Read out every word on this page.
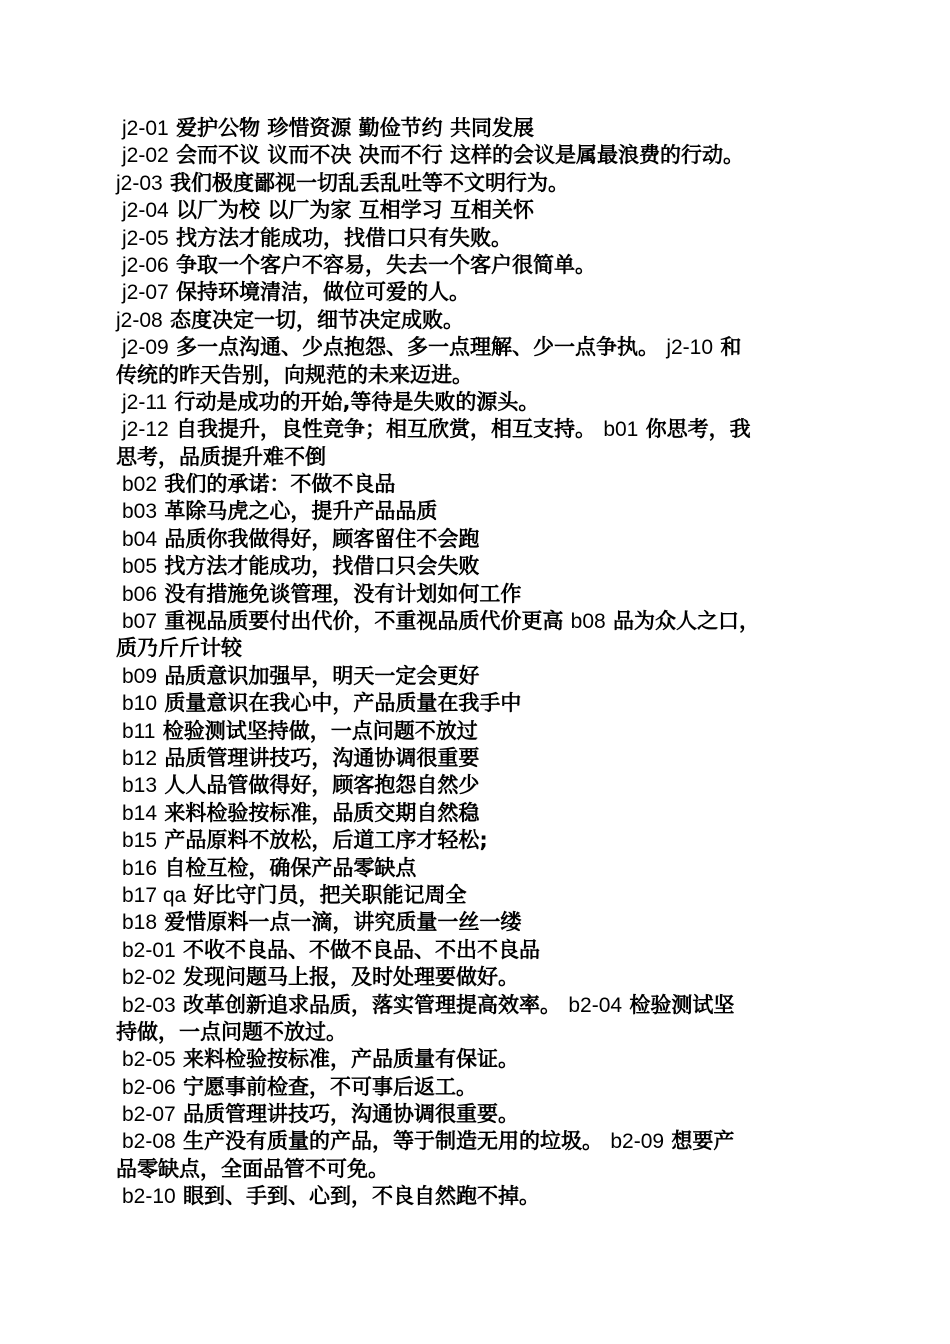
j2-01 爱护公物 珍惜资源 勤俭节约 共同发展
j2-02 会而不议 议而不决 决而不行 这样的会议是属最浪费的行动。
j2-03 我们极度鄙视一切乱丢乱吐等不文明行为。
j2-04 以厂为校 以厂为家 互相学习 互相关怀
j2-05 找方法才能成功，找借口只有失败。
j2-06 争取一个客户不容易，失去一个客户很简单。
j2-07 保持环境清洁，做位可爱的人。
j2-08 态度决定一切，细节决定成败。
j2-09 多一点沟通、少点抱怨、多一点理解、少一点争执。 j2-10 和
传统的昨天告别，向规范的未来迈进。
j2-11 行动是成功的开始,等待是失败的源头。
j2-12 自我提升，良性竞争；相互欣赏，相互支持。 b01 你思考，我
思考，品质提升难不倒
b02 我们的承诺：不做不良品
b03 革除马虎之心，提升产品品质
b04 品质你我做得好，顾客留住不会跑
b05 找方法才能成功，找借口只会失败
b06 没有措施免谈管理，没有计划如何工作
b07 重视品质要付出代价，不重视品质代价更高 b08 品为众人之口，
质乃斤斤计较
b09 品质意识加强早，明天一定会更好
b10 质量意识在我心中，产品质量在我手中
b11 检验测试坚持做，一点问题不放过
b12 品质管理讲技巧，沟通协调很重要
b13 人人品管做得好，顾客抱怨自然少
b14 来料检验按标准，品质交期自然稳
b15 产品原料不放松，后道工序才轻松;
b16 自检互检，确保产品零缺点
b17 qa 好比守门员，把关职能记周全
b18 爱惜原料一点一滴，讲究质量一丝一缕
b2-01 不收不良品、不做不良品、不出不良品
b2-02 发现问题马上报，及时处理要做好。
b2-03 改革创新追求品质，落实管理提高效率。 b2-04 检验测试坚
持做，一点问题不放过。
b2-05 来料检验按标准，产品质量有保证。
b2-06 宁愿事前检查，不可事后返工。
b2-07 品质管理讲技巧，沟通协调很重要。
b2-08 生产没有质量的产品，等于制造无用的垃圾。 b2-09 想要产
品零缺点，全面品管不可免。
b2-10 眼到、手到、心到，不良自然跑不掉。
